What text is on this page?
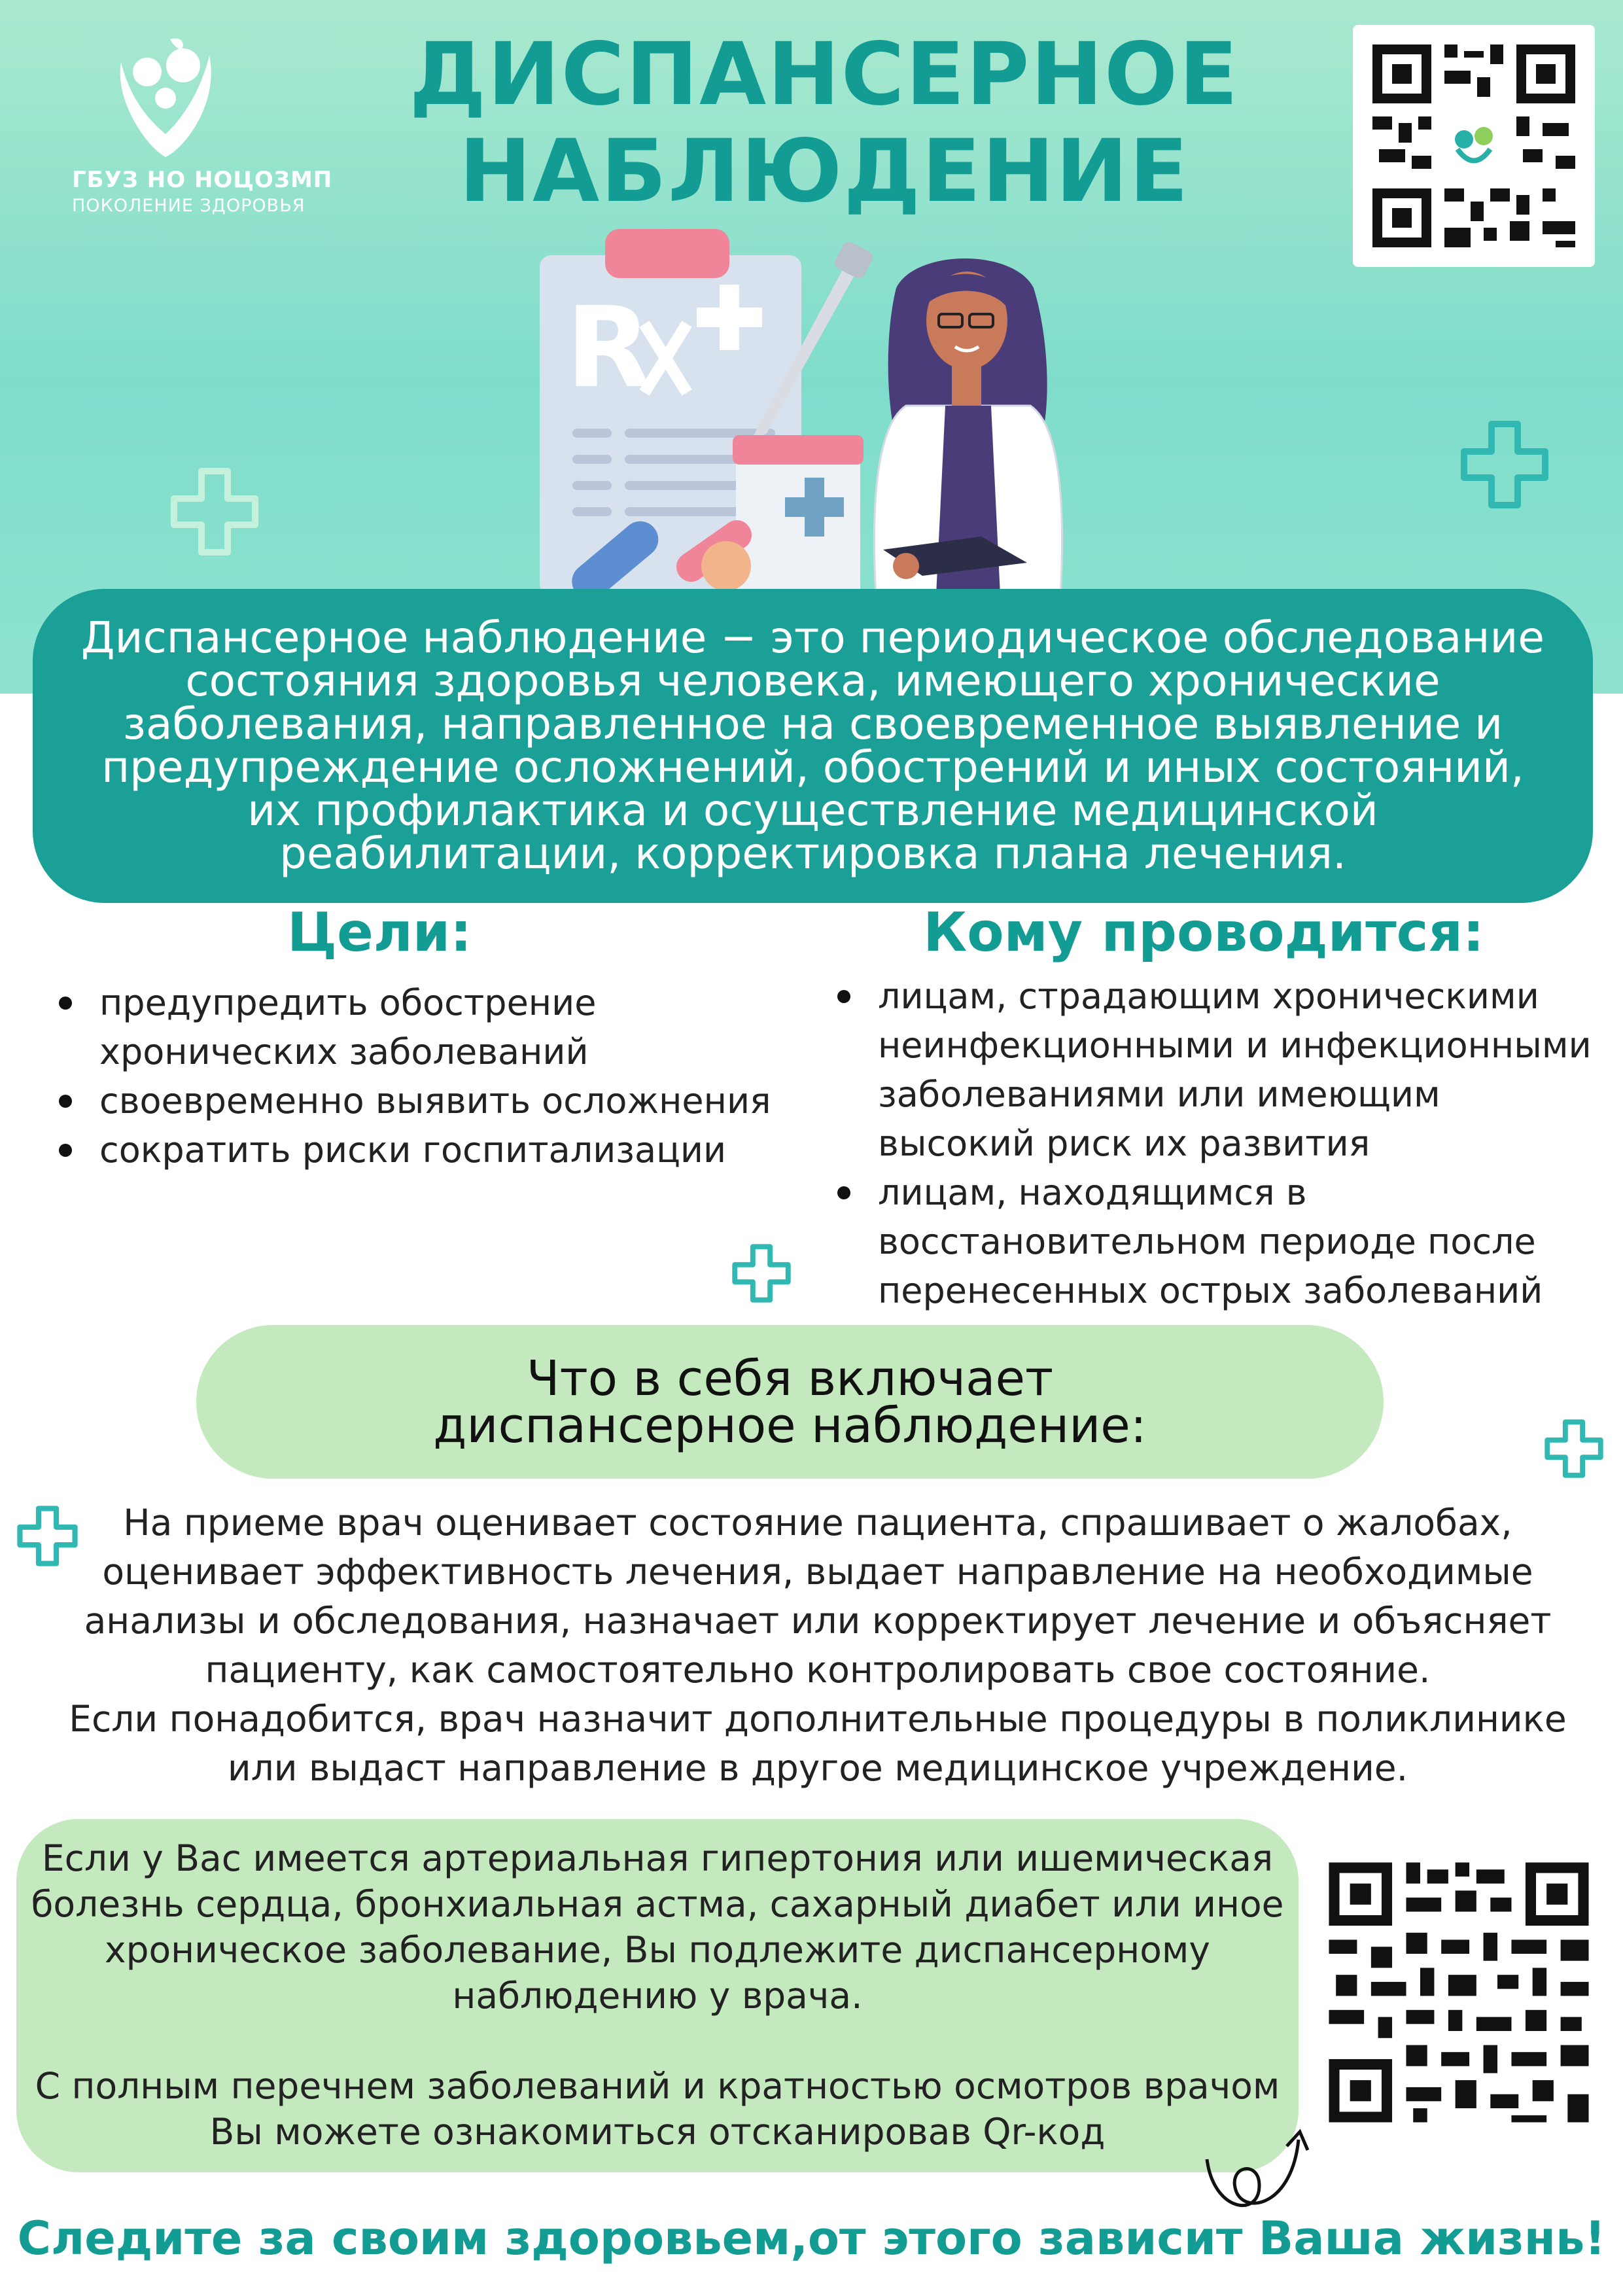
ГБУЗ НО НОЦОЗМП
ПОКОЛЕНИЕ ЗДОРОВЬЯ
ДИСПАНСЕРНОЕ
НАБЛЮДЕНИЕ
R

Диспансерное наблюдение − это периодическое обследование состояния здоровья человека, имеющего хронические заболевания, направленное на своевременное выявление и предупреждение осложнений, обострений и иных состояний, их профилактика и осуществление медицинской реабилитации, корректировка плана лечения.

Цели:	Кому проводится:
предупредить обострение хронических заболеваний
своевременно выявить осложнения
сократить риски госпитализации
лицам, страдающим хроническими неинфекционными и инфекционными заболеваниями или имеющим высокий риск их развития
лицам, находящимся в восстановительном периоде после перенесенных острых заболеваний
Что в себя включает
диспансерное наблюдение:

На приеме врач оценивает состояние пациента, спрашивает о жалобах, оценивает эффективность лечения, выдает направление на необходимые анализы и обследования, назначает или корректирует лечение и объясняет пациенту, как самостоятельно контролировать свое состояние.

Если понадобится, врач назначит дополнительные процедуры в поликлинике или выдаст направление в другое медицинское учреждение.

Если у Вас имеется артериальная гипертония или ишемическая болезнь сердца, бронхиальная астма, сахарный диабет или иное хроническое заболевание, Вы подлежите диспансерному наблюдению у врача.

С полным перечнем заболеваний и кратностью осмотров врачом Вы можете ознакомиться отсканировав Qr-код

Следите за своим здоровьем,от этого зависит Ваша жизнь!
